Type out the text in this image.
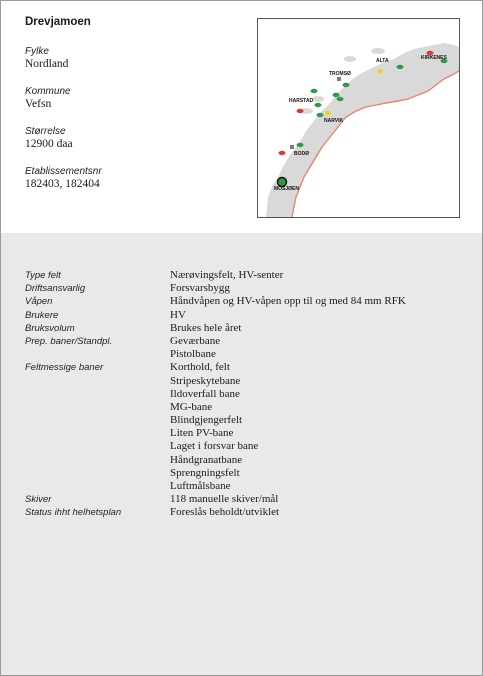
Drevjamoen
Fylke
Nordland
Kommune
Vefsn
Størrelse
12900 daa
Etablissementsnr
182403, 182404
ALTA	KIRKENES
TROMSØ
HARSTAD
NARVIK
BODØ
MOSJØEN
Type felt	Nærøvingsfelt, HV-senter
Driftsansvarlig	Forsvarsbygg
Våpen	Håndvåpen og HV-våpen opp til og med 84 mm RFK
Brukere	HV
Bruksvolum	Brukes hele året
Prep. baner/Standpl.	Geværbane
Pistolbane
Feltmessige baner	Korthold, felt
Stripeskytebane
Ildoverfall bane
MG-bane
Blindgjengerfelt
Liten PV-bane
Laget i forsvar bane
Håndgranatbane
Sprengningsfelt
Luftmålsbane
Skiver	118 manuelle skiver/mål
Status ihht helhetsplan	Foreslås beholdt/utviklet
